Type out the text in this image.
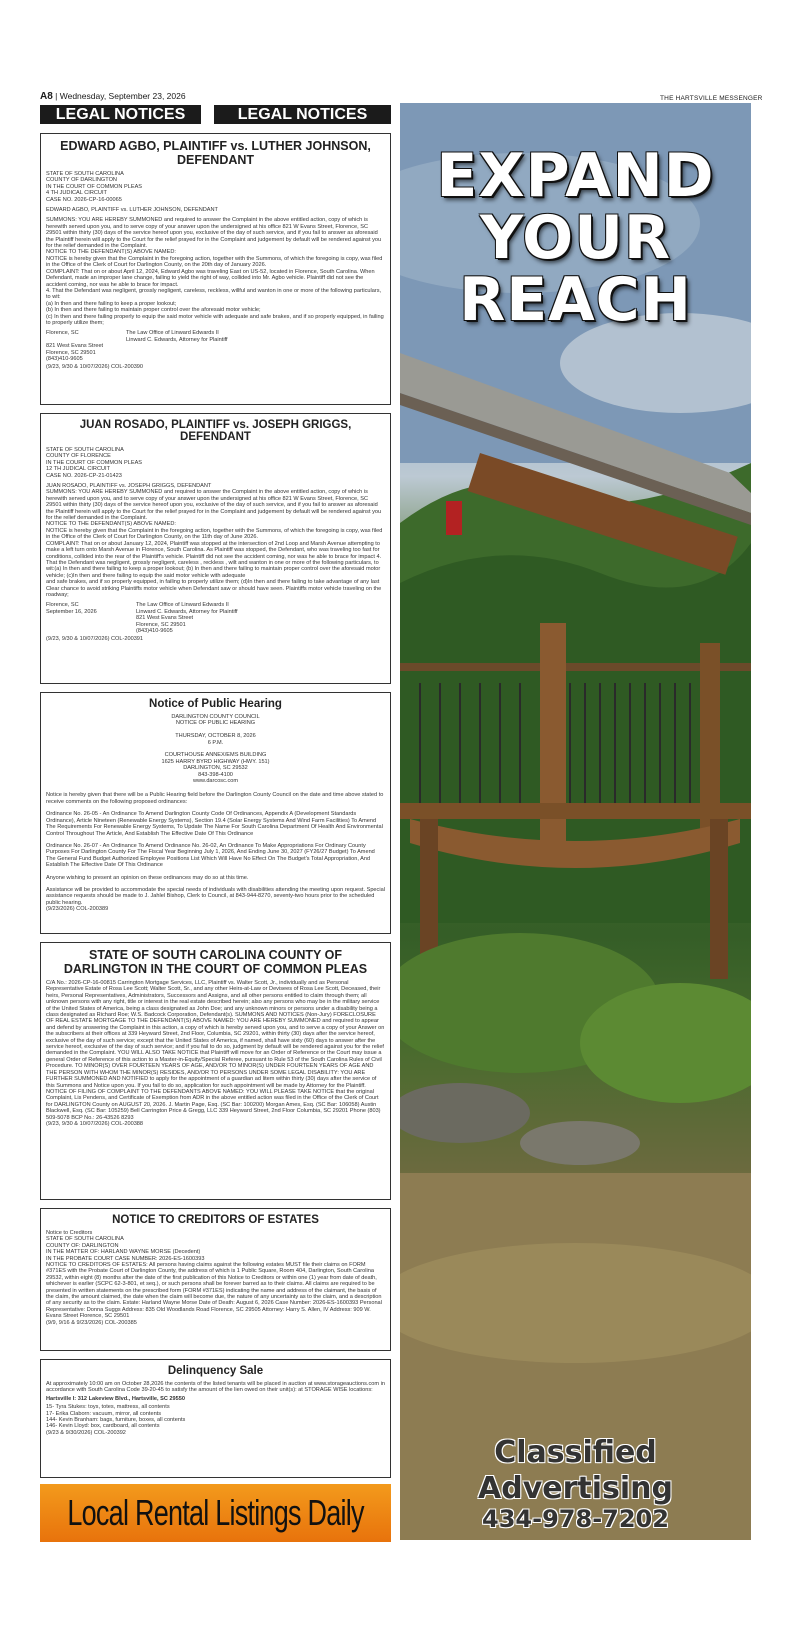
A8 | Wednesday, September 23, 2026	THE HARTSVILLE MESSENGER
LEGAL NOTICES	LEGAL NOTICES
EDWARD AGBO, PLAINTIFF vs. LUTHER JOHNSON, DEFENDANT

STATE OF SOUTH CAROLINA
COUNTY OF DARLINGTON
IN THE COURT OF COMMON PLEAS
4 TH JUDICAL CIRCUIT
CASE NO. 2026-CP-16-00065

EDWARD AGBO, PLAINTIFF vs. LUTHER JOHNSON, DEFENDANT

SUMMONS: YOU ARE HEREBY SUMMONED and required to answer the Complaint in the above entitled action, copy of which is herewith served upon you, and to serve copy of your answer upon the undersigned at his office 821 W Evans Street, Florence, SC 29501 within thirty (30) days of the service hereof upon you, exclusive of the day of such service, and if you fail to answer as aforesaid the Plaintiff herein will apply to the Court for the relief prayed for in the Complaint and judgement by default will be rendered against you for the relief demanded in the Complaint.
NOTICE TO THE DEFENDANT(S) ABOVE NAMED:
NOTICE is hereby given that the Complaint in the foregoing action, together with the Summons, of which the foregoing is copy, was filed in the Office of the Clerk of Court for Darlington County, on the 20th day of January 2026.
COMPLAINT: That on or about April 12, 2024, Edward Agbo was traveling East on US-52, located in Florence, South Carolina. When Defendant, made an improper lane change, failing to yield the right of way, collided into Mr. Agbo vehicle. Plaintiff did not see the accident coming, nor was he able to brace for impact.
4. That the Defendant was negligent, grossly negligent, careless, reckless, willful and wanton in one or more of the following particulars, to wit:
(a) In then and there failing to keep a proper lookout;
(b) In then and there failing to maintain proper control over the aforesaid motor vehicle;
(c) In then and there failing properly to equip the said motor vehicle with adequate and safe brakes, and if so properly equipped, in failing to properly utilize them;

Florence, SC

821 West Evans Street
Florence, SC 29501
(843)410-9605
The Law Office of Linward Edwards II
Linward C. Edwards, Attorney for Plaintiff

(9/23, 9/30 & 10/07/2026) COL-200390

JUAN ROSADO, PLAINTIFF vs. JOSEPH GRIGGS, DEFENDANT

STATE OF SOUTH CAROLINA
COUNTY OF FLORENCE
IN THE COURT OF COMMON PLEAS
12 TH JUDICAL CIRCUIT
CASE NO. 2026-CP-21-01423

JUAN ROSADO, PLAINTIFF vs. JOSEPH GRIGGS, DEFENDANT
SUMMONS: YOU ARE HEREBY SUMMONED and required to answer the Complaint in the above entitled action, copy of which is herewith served upon you, and to serve copy of your answer upon the undersigned at his office 821 W Evans Street, Florence, SC 29501 within thirty (30) days of the service hereof upon you, exclusive of the day of such service, and if you fail to answer as aforesaid the Plaintiff herein will apply to the Court for the relief prayed for in the Complaint and judgement by default will be rendered against you for the relief demanded in the Complaint.
NOTICE TO THE DEFENDANT(S) ABOVE NAMED:
NOTICE is hereby given that the Complaint in the foregoing action, together with the Summons, of which the foregoing is copy, was filed in the Office of the Clerk of Court for Darlington County, on the 11th day of June 2026.
COMPLAINT: That on or about January 12, 2024, Plaintiff was stopped at the intersection of 2nd Loop and Marsh Avenue attempting to make a left turn onto Marsh Avenue in Florence, South Carolina. As Plaintiff was stopped, the Defendant, who was traveling too fast for conditions, collided into the rear of the Plaintiff's vehicle. Plaintiff did not see the accident coming, nor was he able to brace for impact 4. That the Defendant was negligent, grossly negligent, careless , reckless , wilt and wanton in one or more of the following particulars, to wit:(a) In then and there failing to keep a proper lookout; (b) In then and there failing to maintain proper control over the aforesaid motor
vehicle; (c)In then and there failing to equip the said motor vehicle with adequate
and safe brakes, and if so properly equipped, in failing to properly utilize them; (d)In then and there failing to take advantage of any last Clear chance to avoid striking Plaintiffs motor vehicle when Defendant saw or should have seen. Plaintiffs motor vehicle traveling on the roadway;

Florence, SC
September 16, 2026
The Law Office of Linward Edwards II
Linward C. Edwards, Attorney for Plaintiff
821 West Evans Street
Florence, SC 29501
(843)410-9605

(9/23, 9/30 & 10/07/2026) COL-200391

Notice of Public Hearing

DARLINGTON COUNTY COUNCIL
NOTICE OF PUBLIC HEARING

THURSDAY, OCTOBER 8, 2026
6 P.M.

COURTHOUSE ANNEX/EMS BUILDING
1625 HARRY BYRD HIGHWAY (HWY. 151)
DARLINGTON, SC 29532
843-398-4100
www.darcosc.com

Notice is hereby given that there will be a Public Hearing field before the Darlington County Council on the date and time above stated to receive comments on the following proposed ordinances:

Ordinance No. 26-05 - An Ordinance To Amend Darlington County Code Of Ordinances, Appendix A (Development Standards Ordinance), Article Nineteen (Renewable Energy Systems), Section 19.4 (Solar Energy Systems And Wind Farm Facilities) To Amend The Requirements For Renewable Energy Systems, To Update The Name For South Carolina Department Of Health And Environmental Control Throughout The Article, And Establish The Effective Date Of This Ordinance

Ordinance No. 26-07 - An Ordinance To Amend Ordinance No. 26-02, An Ordinance To Make Appropriations For Ordinary County Purposes For Darlington County For The Fiscal Year Beginning July 1, 2026, And Ending June 30, 2027 (FY26/27 Budget) To Amend The General Fund Budget Authorized Employee Positions List Which Will Have No Effect On The Budget's Total Appropriation, And Establish The Effective Date Of This Ordinance

Anyone wishing to present an opinion on these ordinances may do so at this time.

Assistance will be provided to accommodate the special needs of individuals with disabilities attending the meeting upon request. Special assistance requests should be made to J. Jahlel Bishop, Clerk to Council, at 843-944-8270, seventy-two hours prior to the scheduled public hearing.
(9/23/2026) COL-200389

STATE OF SOUTH CAROLINA COUNTY OF DARLINGTON IN THE COURT OF COMMON PLEAS

C/A No.: 2026-CP-16-00815 Carrington Mortgage Services, LLC, Plaintiff vs. Walter Scott, Jr., individually and as Personal Representative Estate of Rosa Lee Scott; Walter Scott, Sr., and any other Heirs-at-Law or Devisees of Rosa Lee Scott, Deceased, their heirs, Personal Representatives, Administrators, Successors and Assigns, and all other persons entitled to claim through them; all unknown persons with any right, title or interest in the real estate described herein; also any persons who may be in the military service of the United States of America, being a class designated as John Doe; and any unknown minors or persons under a disability being a class designated as Richard Roe; W.S. Badcock Corporation, Defendant(s). SUMMONS AND NOTICES (Non-Jury) FORECLOSURE OF REAL ESTATE MORTGAGE TO THE DEFENDANT(S) ABOVE NAMED: YOU ARE HEREBY SUMMONED and required to appear and defend by answering the Complaint in this action, a copy of which is hereby served upon you, and to serve a copy of your Answer on the subscribers at their offices at 339 Heyward Street, 2nd Floor, Columbia, SC 29201, within thirty (30) days after the service hereof, exclusive of the day of such service; except that the United States of America, if named, shall have sixty (60) days to answer after the service hereof, exclusive of the day of such service; and if you fail to do so, judgment by default will be rendered against you for the relief demanded in the Complaint. YOU WILL ALSO TAKE NOTICE that Plaintiff will move for an Order of Reference or the Court may issue a general Order of Reference of this action to a Master-in-Equity/Special Referee, pursuant to Rule 53 of the South Carolina Rules of Civil Procedure. TO MINOR(S) OVER FOURTEEN YEARS OF AGE, AND/OR TO MINOR(S) UNDER FOURTEEN YEARS OF AGE AND THE PERSON WITH WHOM THE MINOR(S) RESIDES, AND/OR TO PERSONS UNDER SOME LEGAL DISABILITY: YOU ARE FURTHER SUMMONED AND NOTIFIED to apply for the appointment of a guardian ad litem within thirty (30) days after the service of this Summons and Notice upon you. If you fail to do so, application for such appointment will be made by Attorney for the Plaintiff. NOTICE OF FILING OF COMPLAINT TO THE DEFENDANTS ABOVE NAMED: YOU WILL PLEASE TAKE NOTICE that the original Complaint, Lis Pendens, and Certificate of Exemption from ADR in the above entitled action was filed in the Office of the Clerk of Court for DARLINGTON County on AUGUST 20, 2026. J. Martin Page, Esq. (SC Bar: 100200) Morgan Ames, Esq. (SC Bar: 106058) Austin Blackwell, Esq. (SC Bar: 105259) Bell Carrington Price & Gregg, LLC 339 Heyward Street, 2nd Floor Columbia, SC 29201 Phone (803) 509-5078 BCP No.: 26-43526 8293
(9/23, 9/30 & 10/07/2026) COL-200388

NOTICE TO CREDITORS OF ESTATES

Notice to Creditors
STATE OF SOUTH CAROLINA
COUNTY OF: DARLINGTON
IN THE MATTER OF: HARLAND WAYNE MORSE (Decedent)
IN THE PROBATE COURT CASE NUMBER: 2026-ES-1600393
NOTICE TO CREDITORS OF ESTATES: All persons having claims against the following estates MUST file their claims on FORM #371ES with the Probate Court of Darlington County, the address of which is 1 Public Square, Room 404, Darlington, South Carolina 29532, within eight (8) months after the date of the first publication of this Notice to Creditors or within one (1) year from date of death, whichever is earlier (SCPC 62-3-801, et seq.), or such persons shall be forever barred as to their claims. All claims are required to be presented in written statements on the prescribed form (FORM #371ES) indicating the name and address of the claimant, the basis of the claim, the amount claimed, the date when the claim will become due, the nature of any uncertainty as to the claim, and a description of any security as to the claim. Estate: Harland Wayne Morse Date of Death: August 6, 2026 Case Number: 2026-ES-1600393 Personal Representative: Donna Suggs Address: 835 Old Woodlands Road Florence, SC 29505 Attorney: Harry S. Allen, IV Address: 909 W. Evans Street Florence, SC 29501
(9/9, 9/16 & 9/23/2026) COL-200385

Delinquency Sale

At approximately 10:00 am on October 28,2026 the contents of the listed tenants will be placed in auction at www.storageauctions.com in accordance with South Carolina Code 39-20-45 to satisfy the amount of the lien owed on their unit(s): at STORAGE WISE locations:

Hartsville I: 312 Lakeview Blvd., Hartsville, SC 29550

15- Tyra Stukes: toys, totes, mattress, all contents
17- Erika Claborn: vacuum, mirror, all contents
144- Kevin Branham: bags, furniture, boxes, all contents
146- Kevin Lloyd: box, cardboard, all contents
(9/23 & 9/30/2026) COL-200392

Local Rental Listings Daily
EXPAND
YOUR
REACH
Classified
Advertising
434-978-7202
